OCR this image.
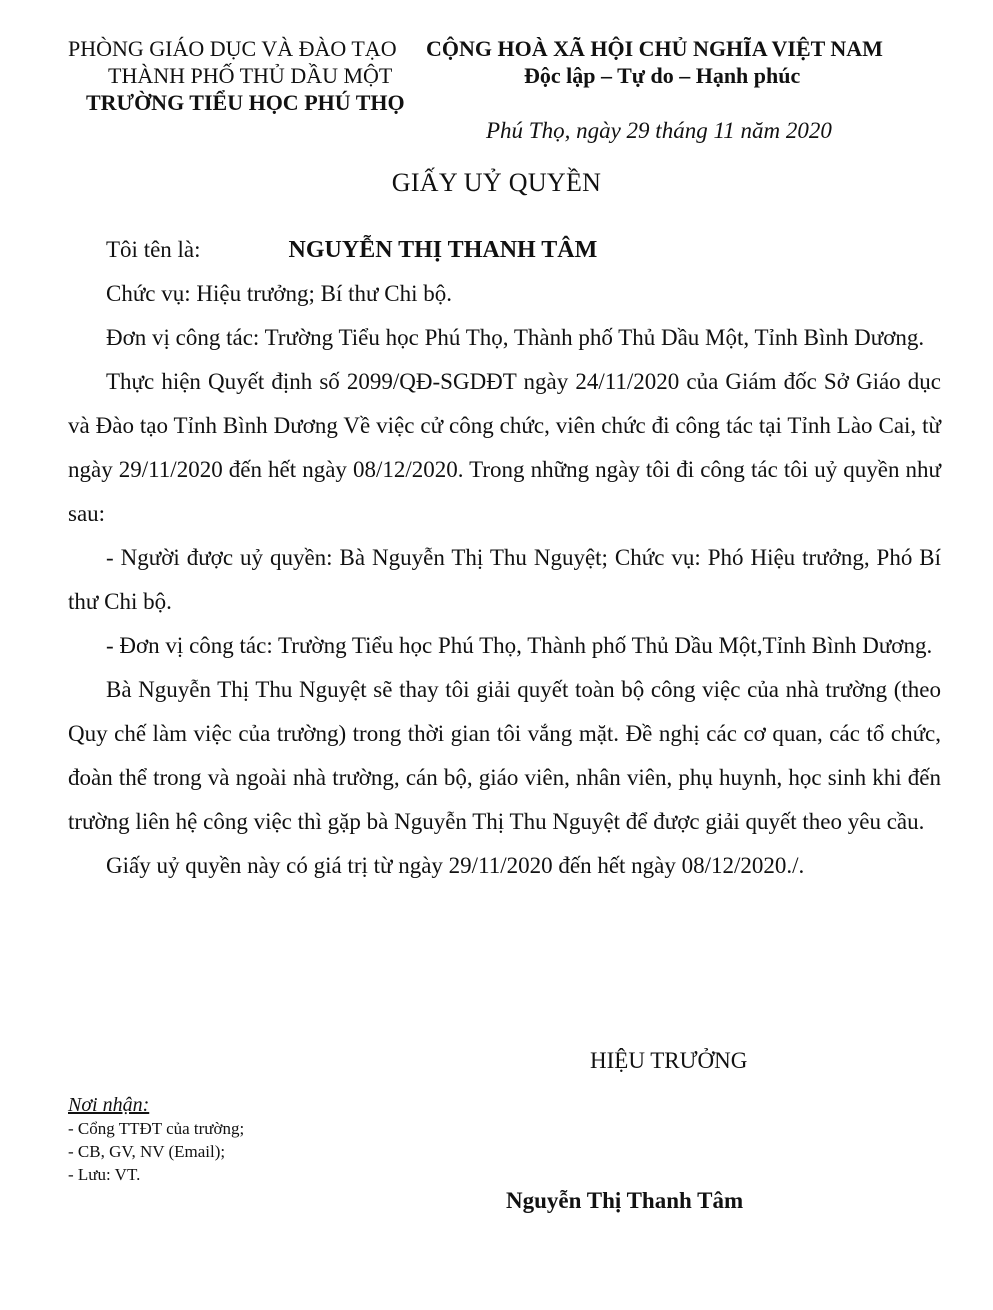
PHÒNG GIÁO DỤC VÀ ĐÀO TẠO
THÀNH PHỐ THỦ DẦU MỘT
TRƯỜNG TIỂU HỌC PHÚ THỌ
CỘNG HOÀ XÃ HỘI CHỦ NGHĨA VIỆT NAM
Độc lập – Tự do – Hạnh phúc
Phú Thọ, ngày 29 tháng 11 năm 2020
GIẤY UỶ QUYỀN

Tôi tên là:	NGUYỄN THỊ THANH TÂM

Chức vụ: Hiệu trưởng; Bí thư Chi bộ.

Đơn vị công tác: Trường Tiểu học Phú Thọ, Thành phố Thủ Dầu Một, Tỉnh Bình Dương.

Thực hiện Quyết định số 2099/QĐ-SGDĐT ngày 24/11/2020 của Giám đốc Sở Giáo dục và Đào tạo Tỉnh Bình Dương Về việc cử công chức, viên chức đi công tác tại Tỉnh Lào Cai, từ ngày 29/11/2020 đến hết ngày 08/12/2020. Trong những ngày tôi đi công tác tôi uỷ quyền như sau:

- Người được uỷ quyền: Bà Nguyễn Thị Thu Nguyệt; Chức vụ: Phó Hiệu trưởng, Phó Bí thư Chi bộ.

- Đơn vị công tác: Trường Tiểu học Phú Thọ, Thành phố Thủ Dầu Một,Tỉnh Bình Dương.

Bà Nguyễn Thị Thu Nguyệt sẽ thay tôi giải quyết toàn bộ công việc của nhà trường (theo Quy chế làm việc của trường) trong thời gian tôi vắng mặt. Đề nghị các cơ quan, các tổ chức, đoàn thể trong và ngoài nhà trường, cán bộ, giáo viên, nhân viên, phụ huynh, học sinh khi đến trường liên hệ công việc thì gặp bà Nguyễn Thị Thu Nguyệt để được giải quyết theo yêu cầu.

Giấy uỷ quyền này có giá trị từ ngày 29/11/2020 đến hết ngày 08/12/2020./.

HIỆU TRƯỞNG
Nơi nhận:
- Cổng TTĐT của trường;
- CB, GV, NV (Email);
- Lưu: VT.
Nguyễn Thị Thanh Tâm
